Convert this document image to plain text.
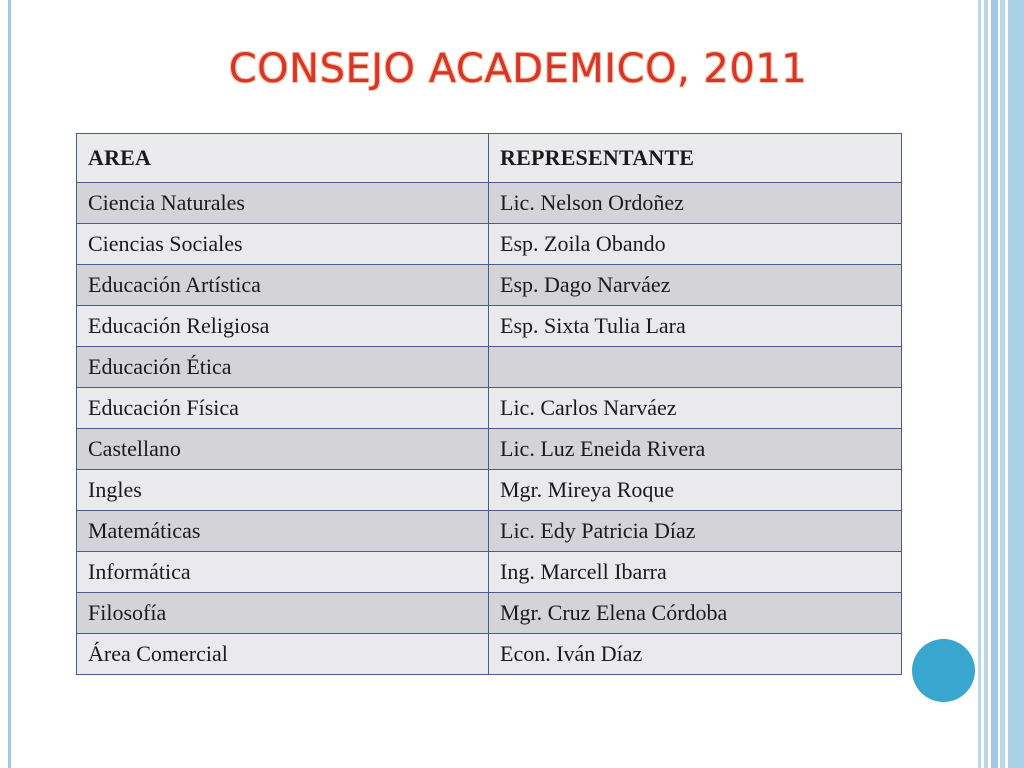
CONSEJO ACADEMICO, 2011
AREA	REPRESENTANTE
Ciencia Naturales	Lic. Nelson Ordoñez
Ciencias Sociales	Esp. Zoila Obando
Educación Artística	Esp. Dago Narváez
Educación Religiosa	Esp. Sixta Tulia Lara
Educación Ética	
Educación Física	Lic. Carlos Narváez
Castellano	Lic. Luz Eneida Rivera
Ingles	Mgr. Mireya Roque
Matemáticas	Lic. Edy Patricia Díaz
Informática	Ing. Marcell Ibarra
Filosofía	Mgr. Cruz Elena Córdoba
Área Comercial	Econ. Iván Díaz
